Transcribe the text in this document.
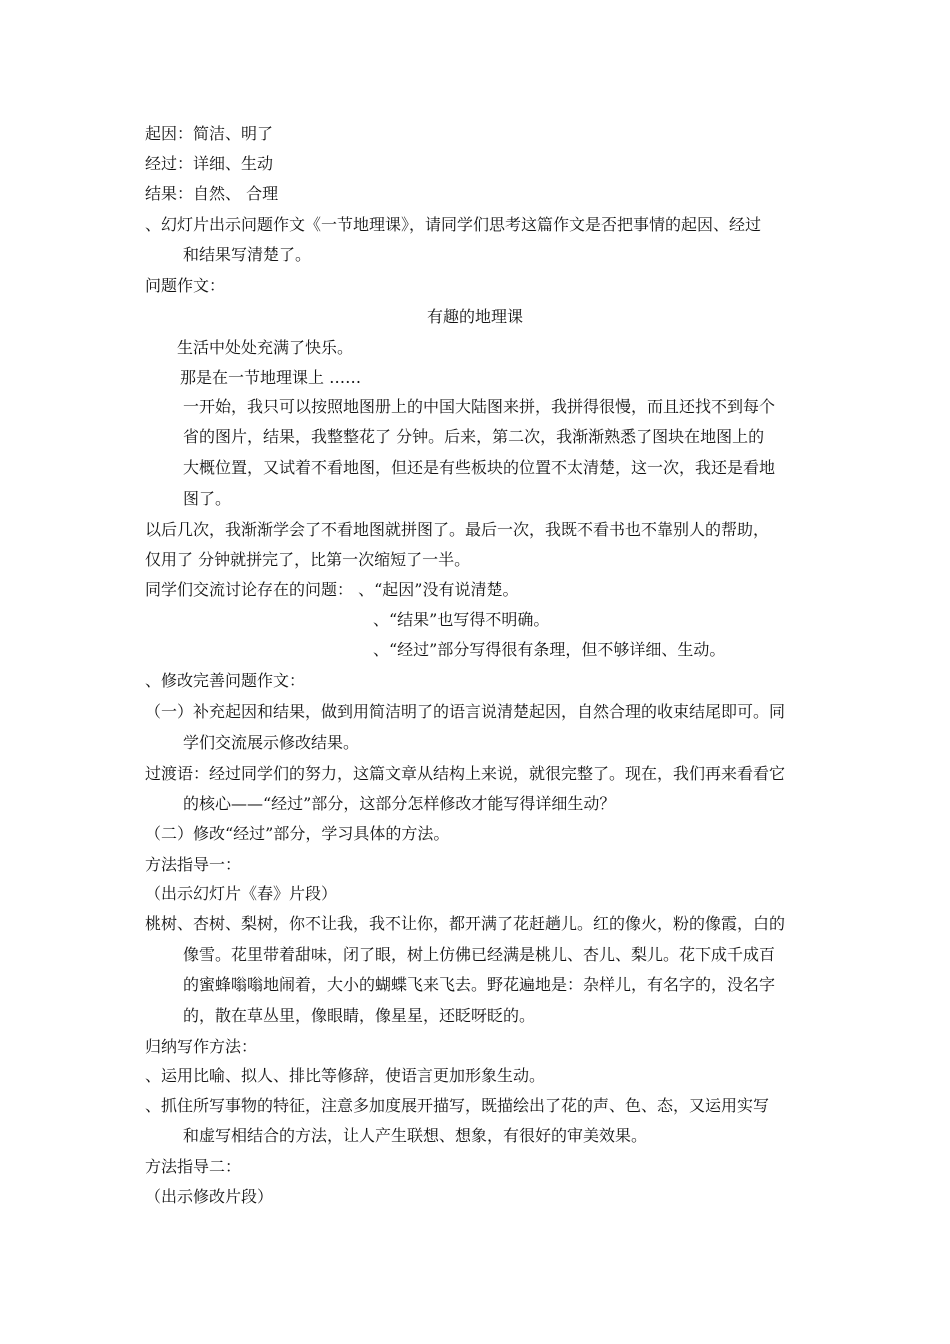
起因：简洁、明了
经过：详细、生动
结果：自然、 合理
、幻灯片出示问题作文《一节地理课》，请同学们思考这篇作文是否把事情的起因、经过
和结果写清楚了。
问题作文：
有趣的地理课
生活中处处充满了快乐。
那是在一节地理课上 ……
一开始，我只可以按照地图册上的中国大陆图来拼，我拼得很慢，而且还找不到每个
省的图片，结果，我整整花了 分钟。后来，第二次，我渐渐熟悉了图块在地图上的
大概位置，又试着不看地图，但还是有些板块的位置不太清楚，这一次，我还是看地
图了。
以后几次，我渐渐学会了不看地图就拼图了。最后一次，我既不看书也不靠别人的帮助，
仅用了 分钟就拼完了，比第一次缩短了一半。
同学们交流讨论存在的问题： 、“起因”没有说清楚。
、“结果”也写得不明确。
、“经过”部分写得很有条理，但不够详细、生动。
、修改完善问题作文：
（一）补充起因和结果，做到用简洁明了的语言说清楚起因，自然合理的收束结尾即可。同
学们交流展示修改结果。
过渡语：经过同学们的努力，这篇文章从结构上来说，就很完整了。现在，我们再来看看它
的核心——“经过”部分，这部分怎样修改才能写得详细生动？
（二）修改“经过”部分，学习具体的方法。
方法指导一：
（出示幻灯片《春》片段）
桃树、杏树、梨树，你不让我，我不让你，都开满了花赶趟儿。红的像火，粉的像霞，白的
像雪。花里带着甜味，闭了眼，树上仿佛已经满是桃儿、杏儿、梨儿。花下成千成百
的蜜蜂嗡嗡地闹着，大小的蝴蝶飞来飞去。野花遍地是：杂样儿，有名字的，没名字
的，散在草丛里，像眼睛，像星星，还眨呀眨的。
归纳写作方法：
、运用比喻、拟人、排比等修辞，使语言更加形象生动。
、抓住所写事物的特征，注意多加度展开描写，既描绘出了花的声、色、态，又运用实写
和虚写相结合的方法，让人产生联想、想象，有很好的审美效果。
方法指导二：
（出示修改片段）
